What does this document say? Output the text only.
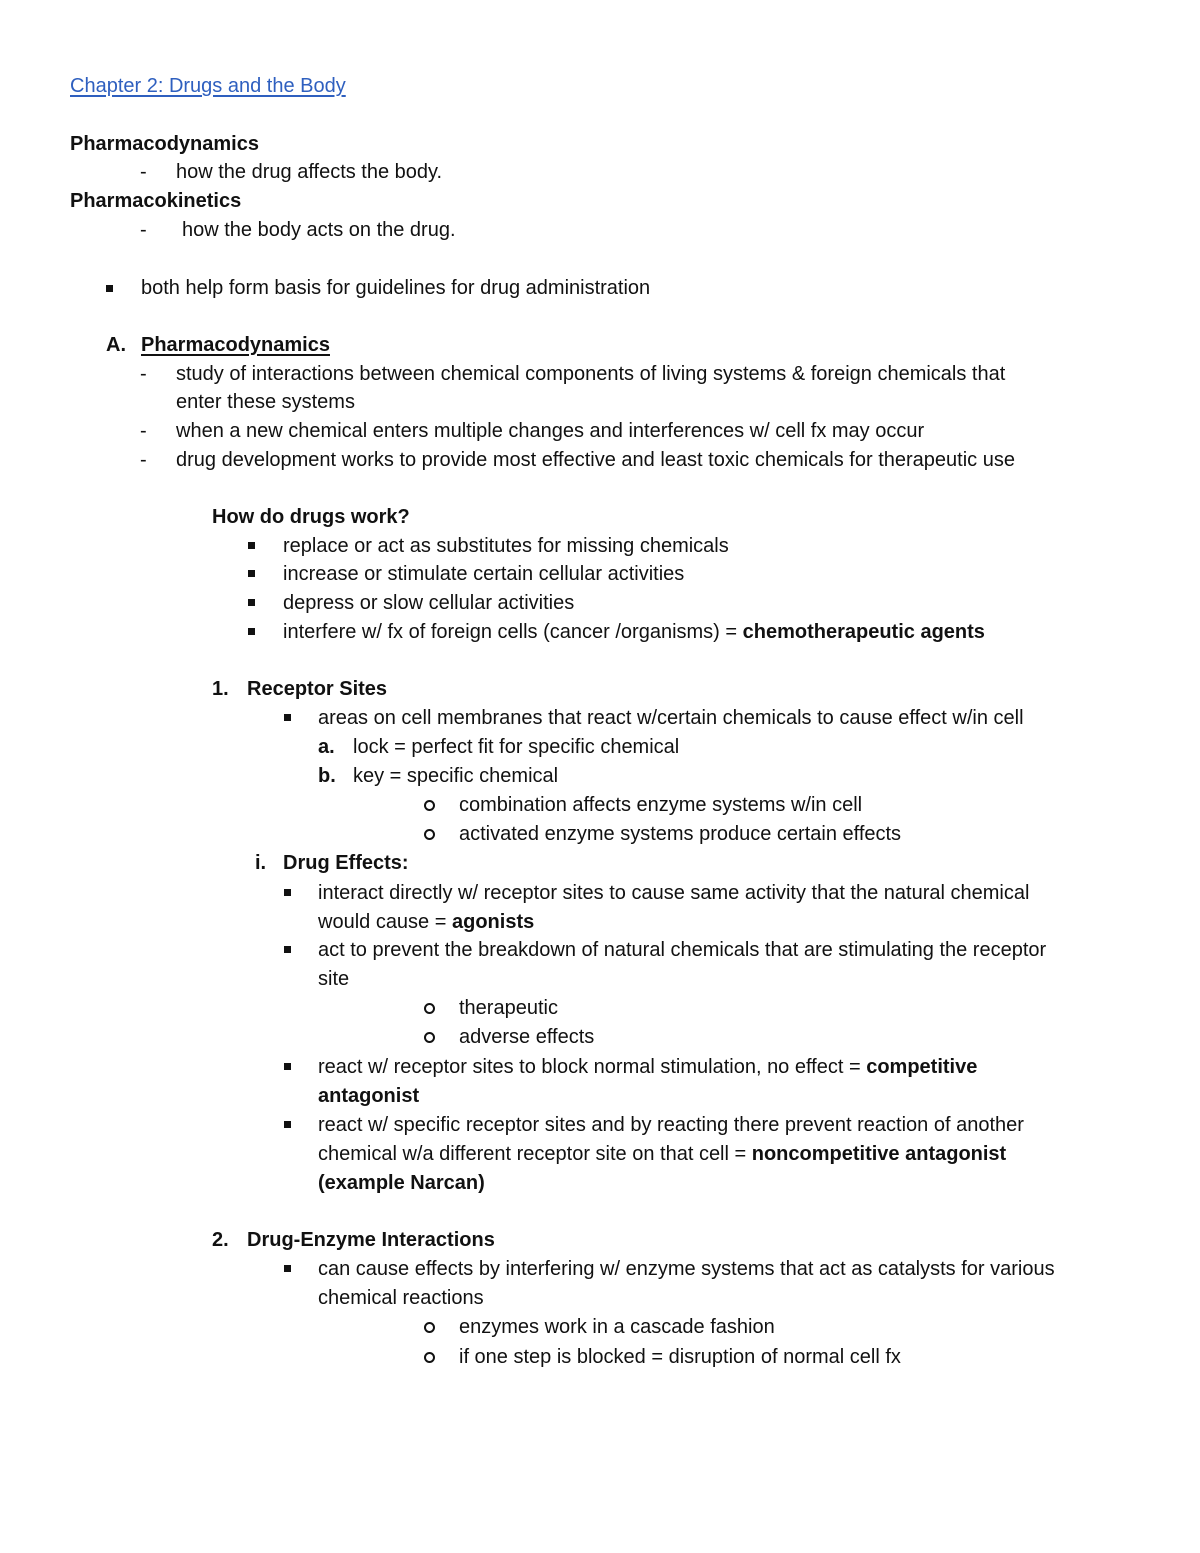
Chapter 2: Drugs and the Body
Pharmacodynamics
- how the drug affects the body.
Pharmacokinetics
- how the body acts on the drug.
both help form basis for guidelines for drug administration
A. Pharmacodynamics
- study of interactions between chemical components of living systems & foreign chemicals that
enter these systems
- when a new chemical enters multiple changes and interferences w/ cell fx may occur
- drug development works to provide most effective and least toxic chemicals for therapeutic use
How do drugs work?
replace or act as substitutes for missing chemicals
increase or stimulate certain cellular activities
depress or slow cellular activities
interfere w/ fx of foreign cells (cancer /organisms) = chemotherapeutic agents
1. Receptor Sites
areas on cell membranes that react w/certain chemicals to cause effect w/in cell
a. lock = perfect fit for specific chemical
b. key = specific chemical
combination affects enzyme systems w/in cell
activated enzyme systems produce certain effects
i. Drug Effects:
interact directly w/ receptor sites to cause same activity that the natural chemical
would cause = agonists
act to prevent the breakdown of natural chemicals that are stimulating the receptor
site
therapeutic
adverse effects
react w/ receptor sites to block normal stimulation, no effect = competitive
antagonist
react w/ specific receptor sites and by reacting there prevent reaction of another
chemical w/a different receptor site on that cell = noncompetitive antagonist
(example Narcan)
2. Drug-Enzyme Interactions
can cause effects by interfering w/ enzyme systems that act as catalysts for various
chemical reactions
enzymes work in a cascade fashion
if one step is blocked = disruption of normal cell fx
